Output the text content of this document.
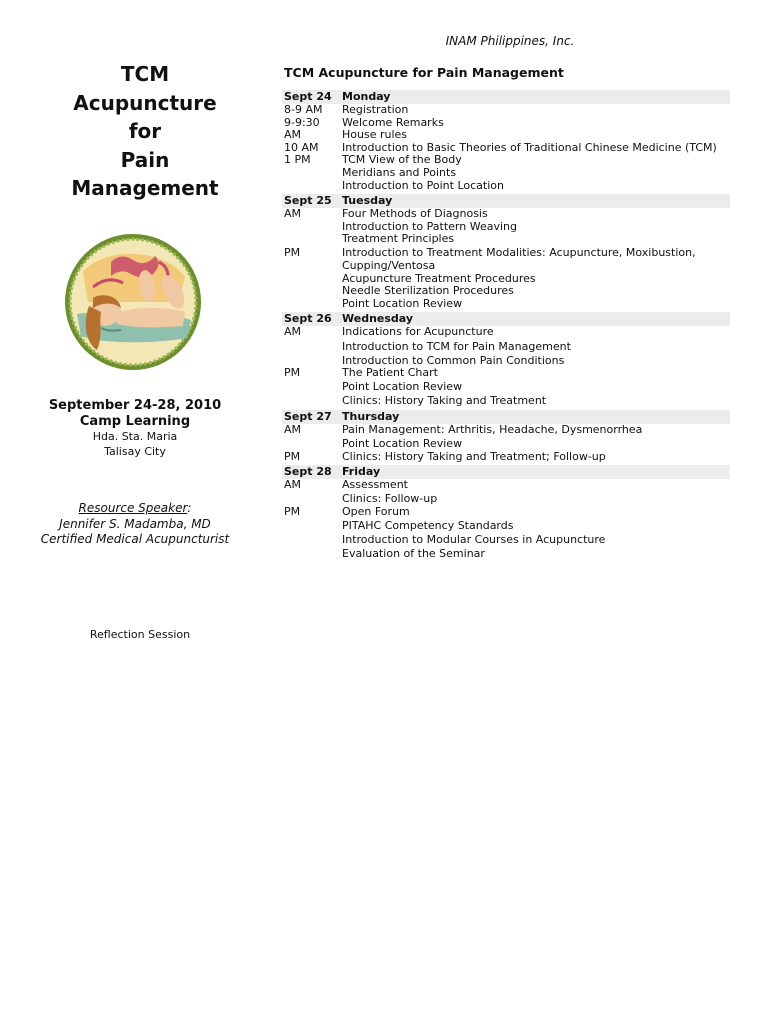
INAM Philippines, Inc.
TCM
Acupuncture
for
Pain
Management
September 24-28, 2010
Camp Learning
Hda. Sta. Maria
Talisay City
Resource Speaker:
Jennifer S. Madamba, MD
Certified Medical Acupuncturist
Reflection Session
TCM Acupuncture for Pain Management
Sept 24 Monday
8-9 AM	Registration
9-9:30	Welcome Remarks
AM	House rules
10 AM	Introduction to Basic Theories of Traditional Chinese Medicine (TCM)
1 PM	TCM View of the Body
Meridians and Points
Introduction to Point Location
Sept 25 Tuesday
AM	Four Methods of Diagnosis
Introduction to Pattern Weaving
Treatment Principles
PM	Introduction to Treatment Modalities: Acupuncture, Moxibustion,
Cupping/Ventosa
Acupuncture Treatment Procedures
Needle Sterilization Procedures
Point Location Review
Sept 26 Wednesday
AM	Indications for Acupuncture
Introduction to TCM for Pain Management
Introduction to Common Pain Conditions
PM	The Patient Chart
Point Location Review
Clinics: History Taking and Treatment
Sept 27 Thursday
AM	Pain Management: Arthritis, Headache, Dysmenorrhea
Point Location Review
PM	Clinics: History Taking and Treatment; Follow-up
Sept 28 Friday
AM	Assessment
Clinics: Follow-up
PM	Open Forum
PITAHC Competency Standards
Introduction to Modular Courses in Acupuncture
Evaluation of the Seminar
